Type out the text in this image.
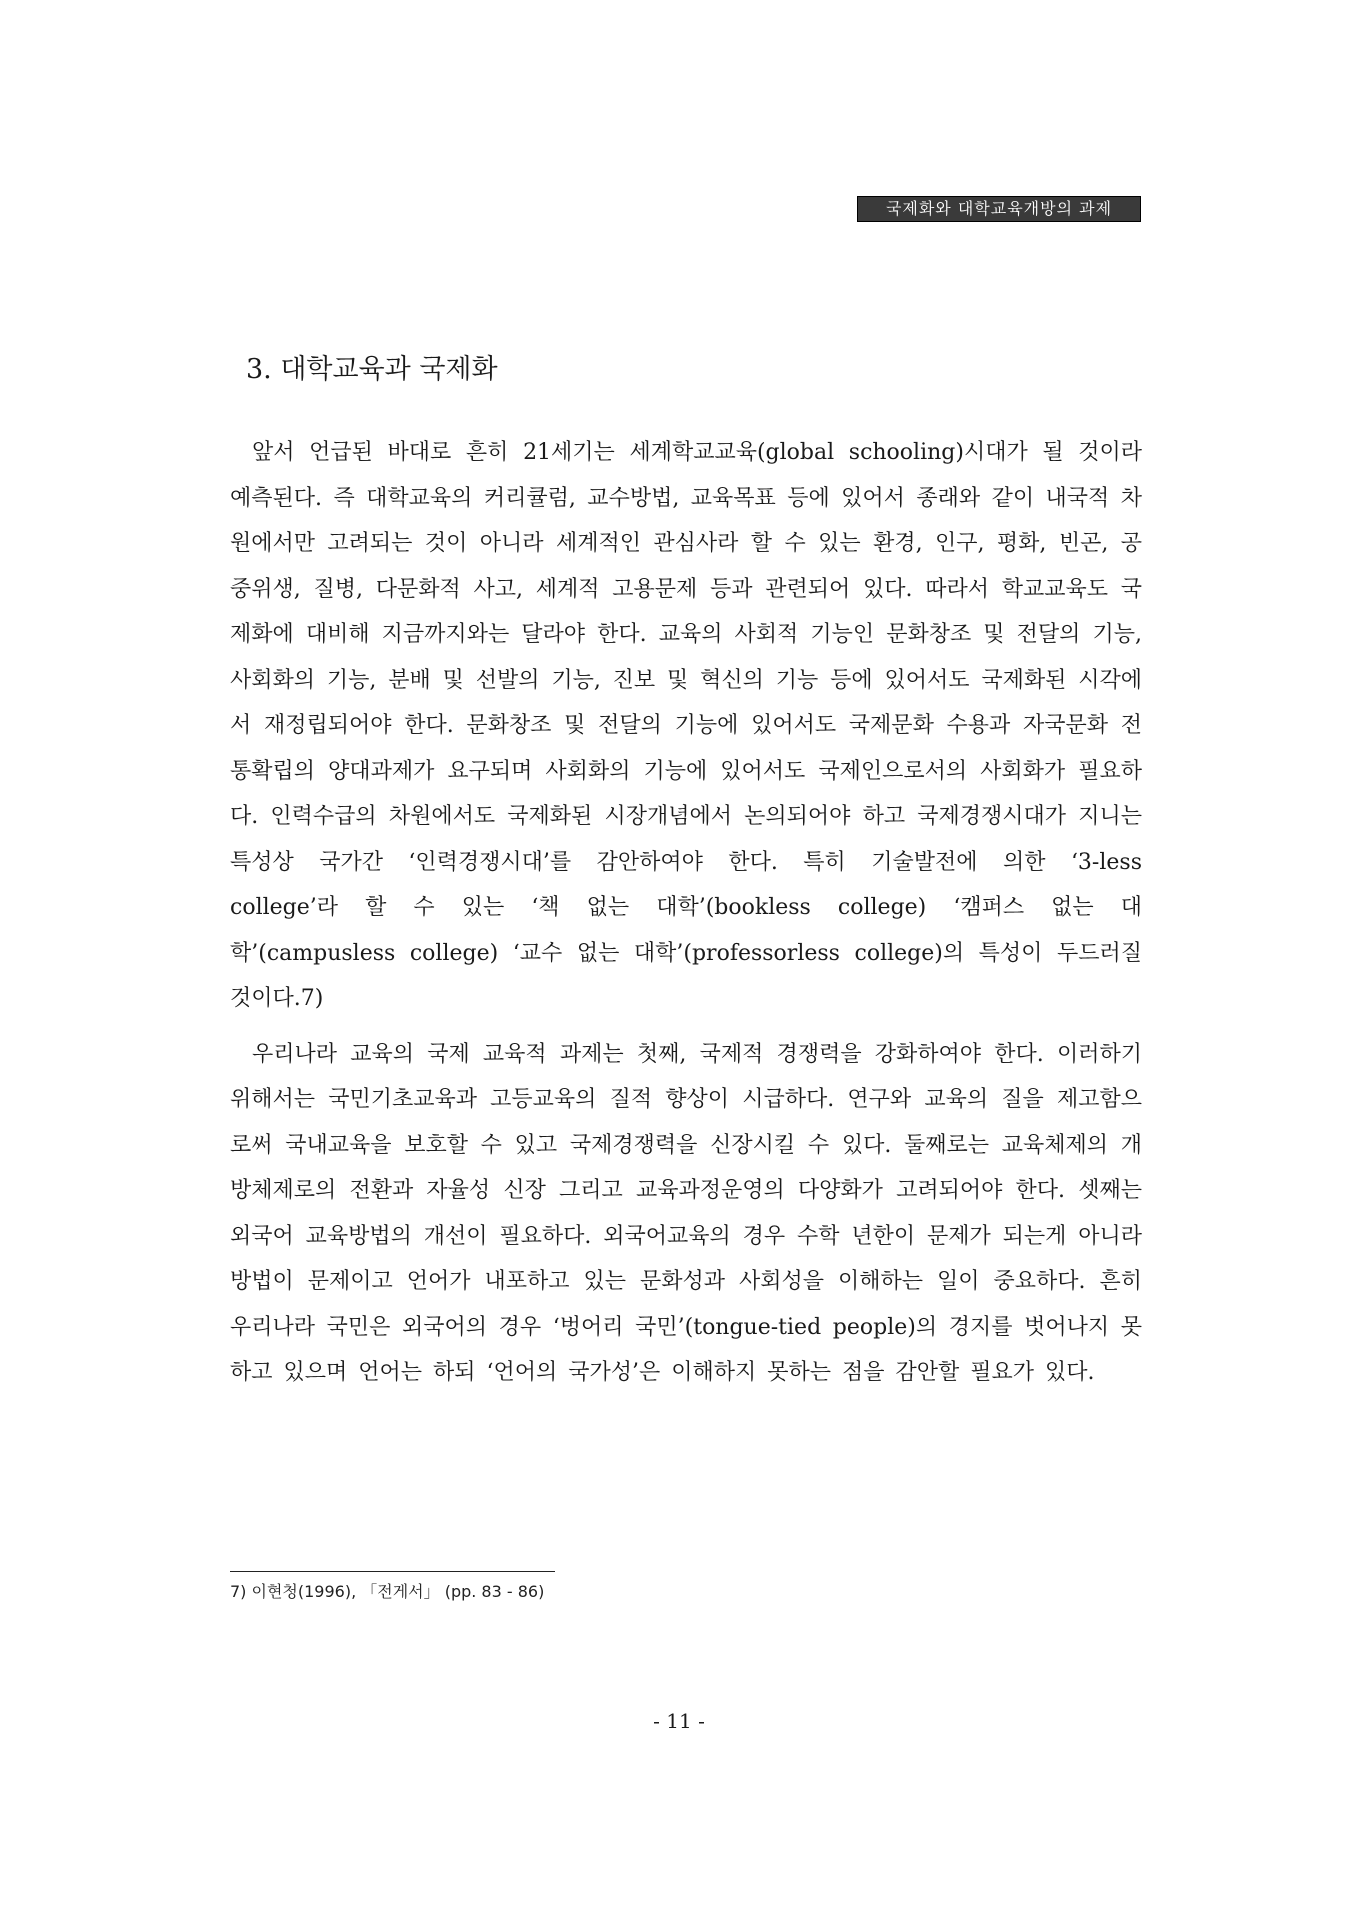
국제화와 대학교육개방의 과제
3. 대학교육과 국제화

앞서 언급된 바대로 흔히 21세기는 세계학교교육(global schooling)시대가 될 것이라 예측된다. 즉 대학교육의 커리큘럼, 교수방법, 교육목표 등에 있어서 종래와 같이 내국적 차원에서만 고려되는 것이 아니라 세계적인 관심사라 할 수 있는 환경, 인구, 평화, 빈곤, 공중위생, 질병, 다문화적 사고, 세계적 고용문제 등과 관련되어 있다. 따라서 학교교육도 국제화에 대비해 지금까지와는 달라야 한다. 교육의 사회적 기능인 문화창조 및 전달의 기능, 사회화의 기능, 분배 및 선발의 기능, 진보 및 혁신의 기능 등에 있어서도 국제화된 시각에서 재정립되어야 한다. 문화창조 및 전달의 기능에 있어서도 국제문화 수용과 자국문화 전통확립의 양대과제가 요구되며 사회화의 기능에 있어서도 국제인으로서의 사회화가 필요하다. 인력수급의 차원에서도 국제화된 시장개념에서 논의되어야 하고 국제경쟁시대가 지니는 특성상 국가간 ‘인력경쟁시대’를 감안하여야 한다. 특히 기술발전에 의한 ‘3-less college’라 할 수 있는 ‘책 없는 대학’(bookless college) ‘캠퍼스 없는 대학’(campusless college) ‘교수 없는 대학’(professorless college)의 특성이 두드러질 것이다.7)

우리나라 교육의 국제 교육적 과제는 첫째, 국제적 경쟁력을 강화하여야 한다. 이러하기 위해서는 국민기초교육과 고등교육의 질적 향상이 시급하다. 연구와 교육의 질을 제고함으로써 국내교육을 보호할 수 있고 국제경쟁력을 신장시킬 수 있다. 둘째로는 교육체제의 개방체제로의 전환과 자율성 신장 그리고 교육과정운영의 다양화가 고려되어야 한다. 셋째는 외국어 교육방법의 개선이 필요하다. 외국어교육의 경우 수학 년한이 문제가 되는게 아니라 방법이 문제이고 언어가 내포하고 있는 문화성과 사회성을 이해하는 일이 중요하다. 흔히 우리나라 국민은 외국어의 경우 ‘벙어리 국민’(tongue-tied people)의 경지를 벗어나지 못하고 있으며 언어는 하되 ‘언어의 국가성’은 이해하지 못하는 점을 감안할 필요가 있다.

7) 이현청(1996), 「전게서」 (pp. 83 - 86)
- 11 -
